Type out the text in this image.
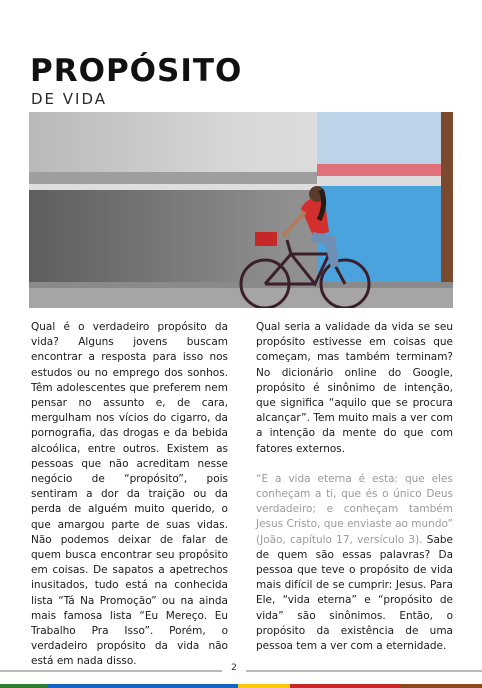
PROPÓSITO
DE VIDA

Qual é o verdadeiro propósito da vida? Alguns jovens buscam encontrar a resposta para isso nos estudos ou no emprego dos sonhos. Têm adolescentes que preferem nem pensar no assunto e, de cara, mergulham nos vícios do cigarro, da pornografia, das drogas e da bebida alcoólica, entre outros. Existem as pessoas que não acreditam nesse negócio de “propósito”, pois sentiram a dor da traição ou da perda de alguém muito querido, o que amargou parte de suas vidas. Não podemos deixar de falar de quem busca encontrar seu propósito em coisas. De sapatos a apetrechos inusitados, tudo está na conhecida lista “Tá Na Promoção” ou na ainda mais famosa lista “Eu Mereço. Eu Trabalho Pra Isso”. Porém, o verdadeiro propósito da vida não está em nada disso.

Qual seria a validade da vida se seu propósito estivesse em coisas que começam, mas também terminam? No dicionário online do Google, propósito é sinônimo de intenção, que significa “aquilo que se procura alcançar”. Tem muito mais a ver com a intenção da mente do que com fatores externos.

“E a vida eterna é esta: que eles conheçam a ti, que és o único Deus verdadeiro; e conheçam também Jesus Cristo, que enviaste ao mundo” (João, capítulo 17, versículo 3). Sabe de quem são essas palavras? Da pessoa que teve o propósito de vida mais difícil de se cumprir: Jesus. Para Ele, “vida eterna” e “propósito de vida” são sinônimos. Então, o propósito da existência de uma pessoa tem a ver com a eternidade.

2
